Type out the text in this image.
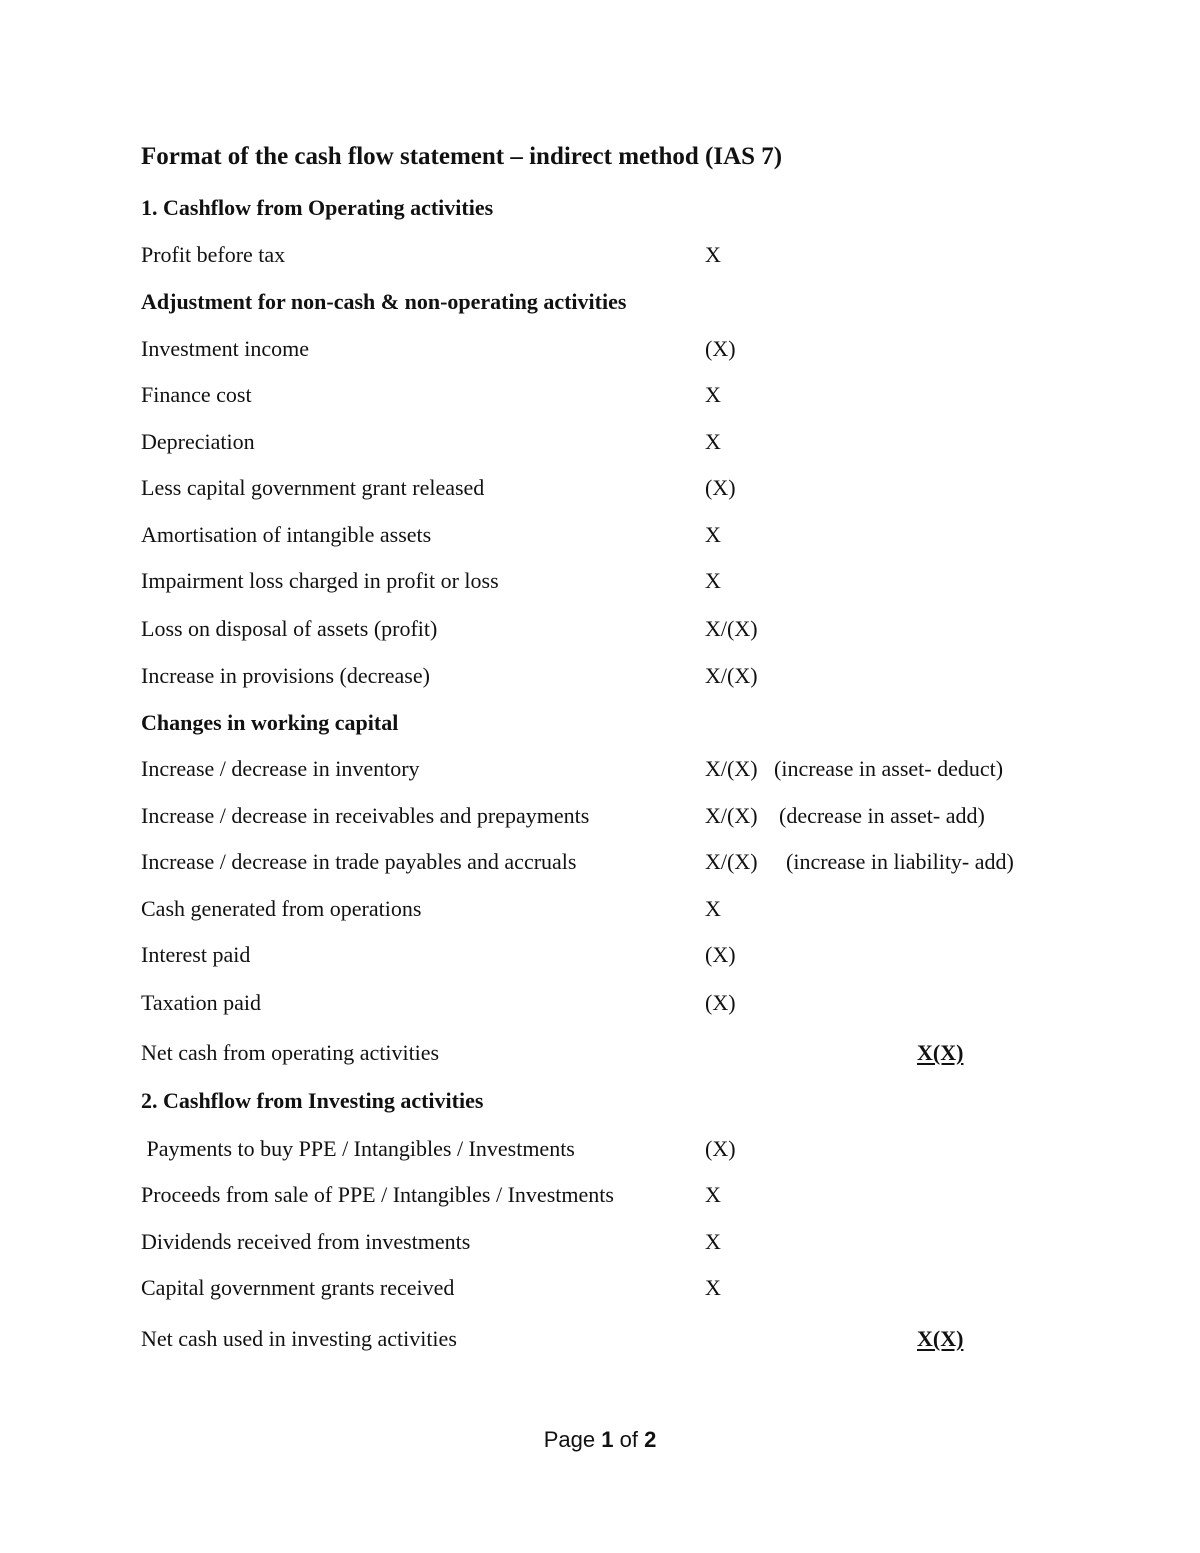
Format of the cash flow statement – indirect method (IAS 7)
1. Cashflow from Operating activities
Profit before tax	X
Adjustment for non-cash & non-operating activities
Investment income	(X)
Finance cost	X
Depreciation	X
Less capital government grant released	(X)
Amortisation of intangible assets	X
Impairment loss charged in profit or loss	X
Loss on disposal of assets (profit)	X/(X)
Increase in provisions (decrease)	X/(X)
Changes in working capital
Increase / decrease in inventory	X/(X) (increase in asset- deduct)
Increase / decrease in receivables and prepayments	X/(X) (decrease in asset- add)
Increase / decrease in trade payables and accruals	X/(X) (increase in liability- add)
Cash generated from operations	X
Interest paid	(X)
Taxation paid	(X)
Net cash from operating activities	X(X)
2. Cashflow from Investing activities
Payments to buy PPE / Intangibles / Investments	(X)
Proceeds from sale of PPE / Intangibles / Investments	X
Dividends received from investments	X
Capital government grants received	X
Net cash used in investing activities	X(X)
Page 1 of 2
